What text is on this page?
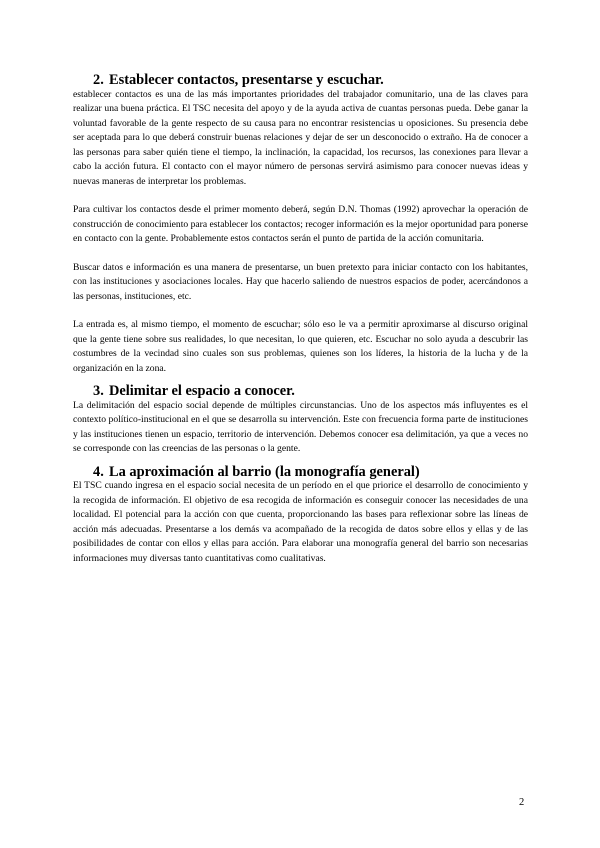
2. Establecer contactos, presentarse y escuchar.

establecer contactos es una de las más importantes prioridades del trabajador comunitario, una de las claves para realizar una buena práctica. El TSC necesita del apoyo y de la ayuda activa de cuantas personas pueda. Debe ganar la voluntad favorable de la gente respecto de su causa para no encontrar resistencias u oposiciones. Su presencia debe ser aceptada para lo que deberá construir buenas relaciones y dejar de ser un desconocido o extraño. Ha de conocer a las personas para saber quién tiene el tiempo, la inclinación, la capacidad, los recursos, las conexiones para llevar a cabo la acción futura. El contacto con el mayor número de personas servirá asimismo para conocer nuevas ideas y nuevas maneras de interpretar los problemas.

Para cultivar los contactos desde el primer momento deberá, según D.N. Thomas (1992) aprovechar la operación de construcción de conocimiento para establecer los contactos; recoger información es la mejor oportunidad para ponerse en contacto con la gente. Probablemente estos contactos serán el punto de partida de la acción comunitaria.

Buscar datos e información es una manera de presentarse, un buen pretexto para iniciar contacto con los habitantes, con las instituciones y asociaciones locales. Hay que hacerlo saliendo de nuestros espacios de poder, acercándonos a las personas, instituciones, etc.

La entrada es, al mismo tiempo, el momento de escuchar; sólo eso le va a permitir aproximarse al discurso original que la gente tiene sobre sus realidades, lo que necesitan, lo que quieren, etc. Escuchar no solo ayuda a descubrir las costumbres de la vecindad sino cuales son sus problemas, quienes son los líderes, la historia de la lucha y de la organización en la zona.

3. Delimitar el espacio a conocer.

La delimitación del espacio social depende de múltiples circunstancias. Uno de los aspectos más influyentes es el contexto político-institucional en el que se desarrolla su intervención. Este con frecuencia forma parte de instituciones y las instituciones tienen un espacio, territorio de intervención. Debemos conocer esa delimitación, ya que a veces no se corresponde con las creencias de las personas o la gente.

4. La aproximación al barrio (la monografía general)

El TSC cuando ingresa en el espacio social necesita de un período en el que priorice el desarrollo de conocimiento y la recogida de información. El objetivo de esa recogida de información es conseguir conocer las necesidades de una localidad. El potencial para la acción con que cuenta, proporcionando las bases para reflexionar sobre las líneas de acción más adecuadas. Presentarse a los demás va acompañado de la recogida de datos sobre ellos y ellas y de las posibilidades de contar con ellos y ellas para acción. Para elaborar una monografía general del barrio son necesarias informaciones muy diversas tanto cuantitativas como cualitativas.

2
